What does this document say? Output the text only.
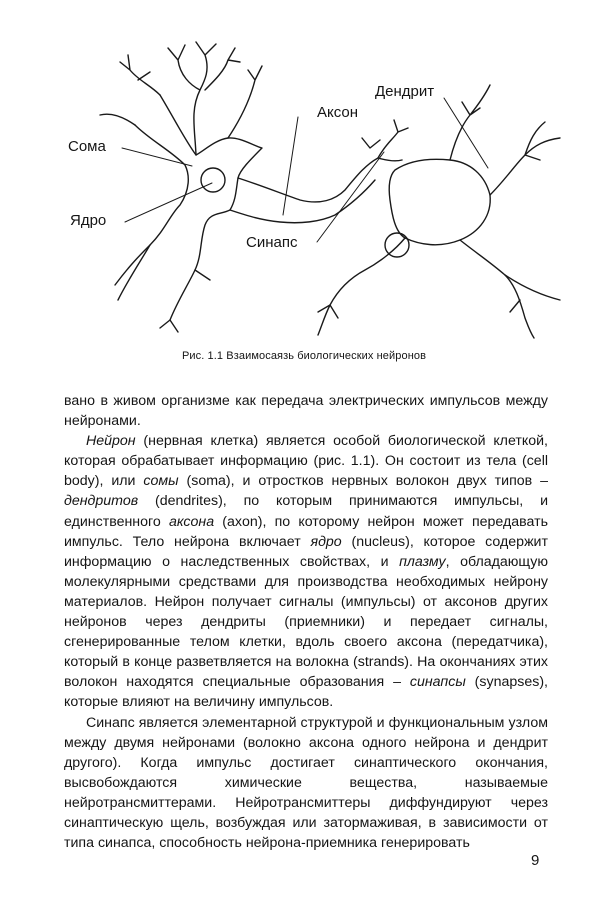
Сома
Ядро
Аксон
Дендрит
Синапс
Рис. 1.1 Взаимосаязь биологических нейронов

вано в живом организме как передача электрических импульсов между нейронами.

Нейрон (нервная клетка) является особой биологической клеткой, которая обрабатывает информацию (рис. 1.1). Он состоит из тела (cell body), или сомы (soma), и отростков нервных волокон двух типов – дендритов (dendrites), по которым принимаются импульсы, и единственного аксона (axon), по которому нейрон может передавать импульс. Тело нейрона включает ядро (nucleus), которое содержит информацию о наследственных свойствах, и плазму, обладающую молекулярными средствами для производства необходимых нейрону материалов. Нейрон получает сигналы (импульсы) от аксонов других нейронов через дендриты (приемники) и передает сигналы, сгенерированные телом клетки, вдоль своего аксона (передатчика), который в конце разветвляется на волокна (strands). На окончаниях этих волокон находятся специальные образования – синапсы (synapses), которые влияют на величину импульсов.

Синапс является элементарной структурой и функциональным узлом между двумя нейронами (волокно аксона одного нейрона и дендрит другого). Когда импульс достигает синаптического окончания, высвобождаются химические вещества, называемые нейротрансмиттерами. Нейротрансмиттеры диффундируют через синаптическую щель, возбуждая или затормаживая, в зависимости от типа синапса, способность нейрона-приемника генерировать

9
